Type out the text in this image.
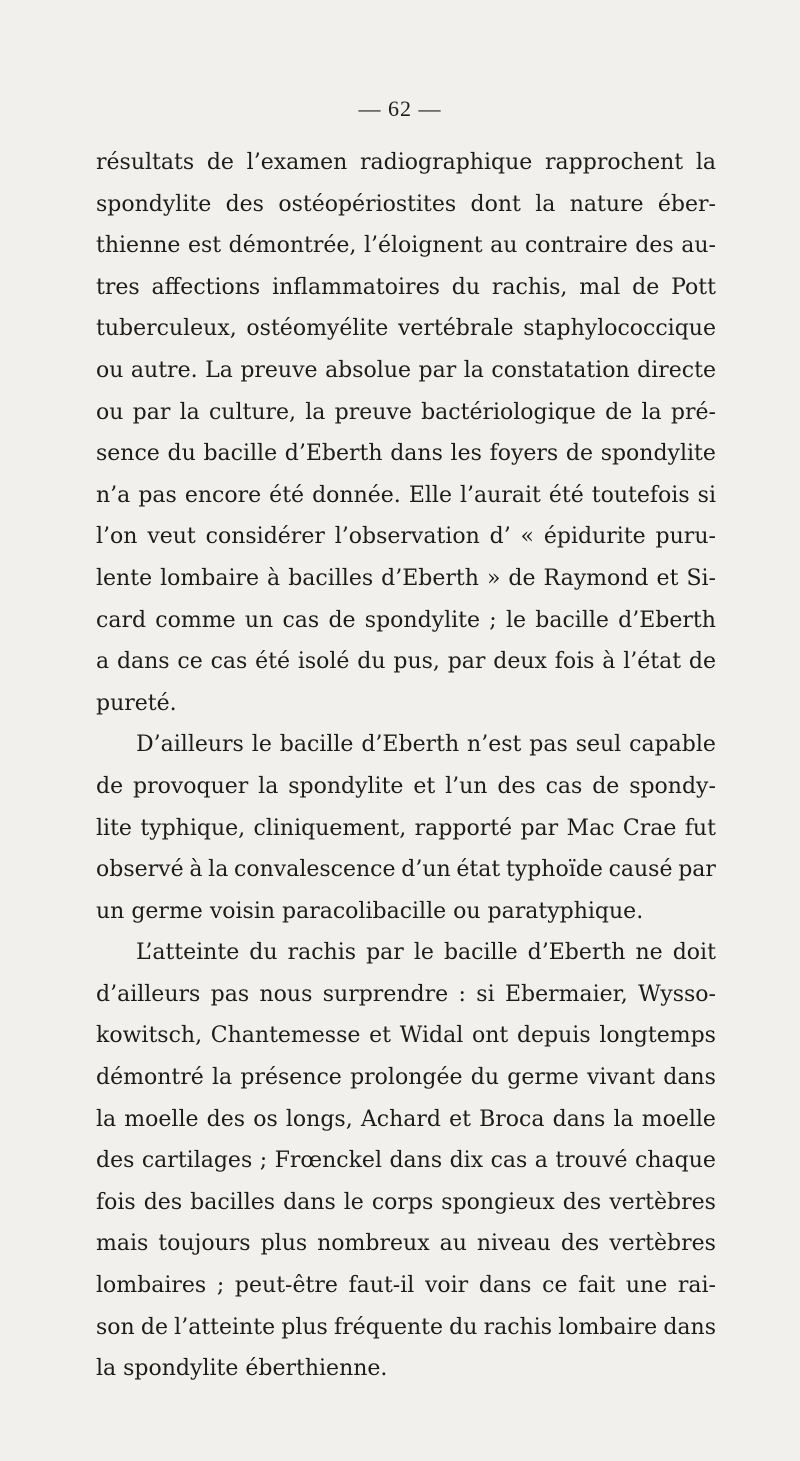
— 62 —
résultats de l’examen radiographique rapprochent la
spondylite des ostéopériostites dont la nature éber-
thienne est démontrée, l’éloignent au contraire des au-
tres affections inflammatoires du rachis, mal de Pott
tuberculeux, ostéomyélite vertébrale staphylococcique
ou autre. La preuve absolue par la constatation directe
ou par la culture, la preuve bactériologique de la pré-
sence du bacille d’Eberth dans les foyers de spondylite
n’a pas encore été donnée. Elle l’aurait été toutefois si
l’on veut considérer l’observation d’ « épidurite puru-
lente lombaire à bacilles d’Eberth » de Raymond et Si-
card comme un cas de spondylite ; le bacille d’Eberth
a dans ce cas été isolé du pus, par deux fois à l’état de
pureté.
D’ailleurs le bacille d’Eberth n’est pas seul capable
de provoquer la spondylite et l’un des cas de spondy-
lite typhique, cliniquement, rapporté par Mac Crae fut
observé à la convalescence d’un état typhoïde causé par
un germe voisin paracolibacille ou paratyphique.
L’atteinte du rachis par le bacille d’Eberth ne doit
d’ailleurs pas nous surprendre : si Ebermaier, Wysso-
kowitsch, Chantemesse et Widal ont depuis longtemps
démontré la présence prolongée du germe vivant dans
la moelle des os longs, Achard et Broca dans la moelle
des cartilages ; Frœnckel dans dix cas a trouvé chaque
fois des bacilles dans le corps spongieux des vertèbres
mais toujours plus nombreux au niveau des vertèbres
lombaires ; peut-être faut-il voir dans ce fait une rai-
son de l’atteinte plus fréquente du rachis lombaire dans
la spondylite éberthienne.
